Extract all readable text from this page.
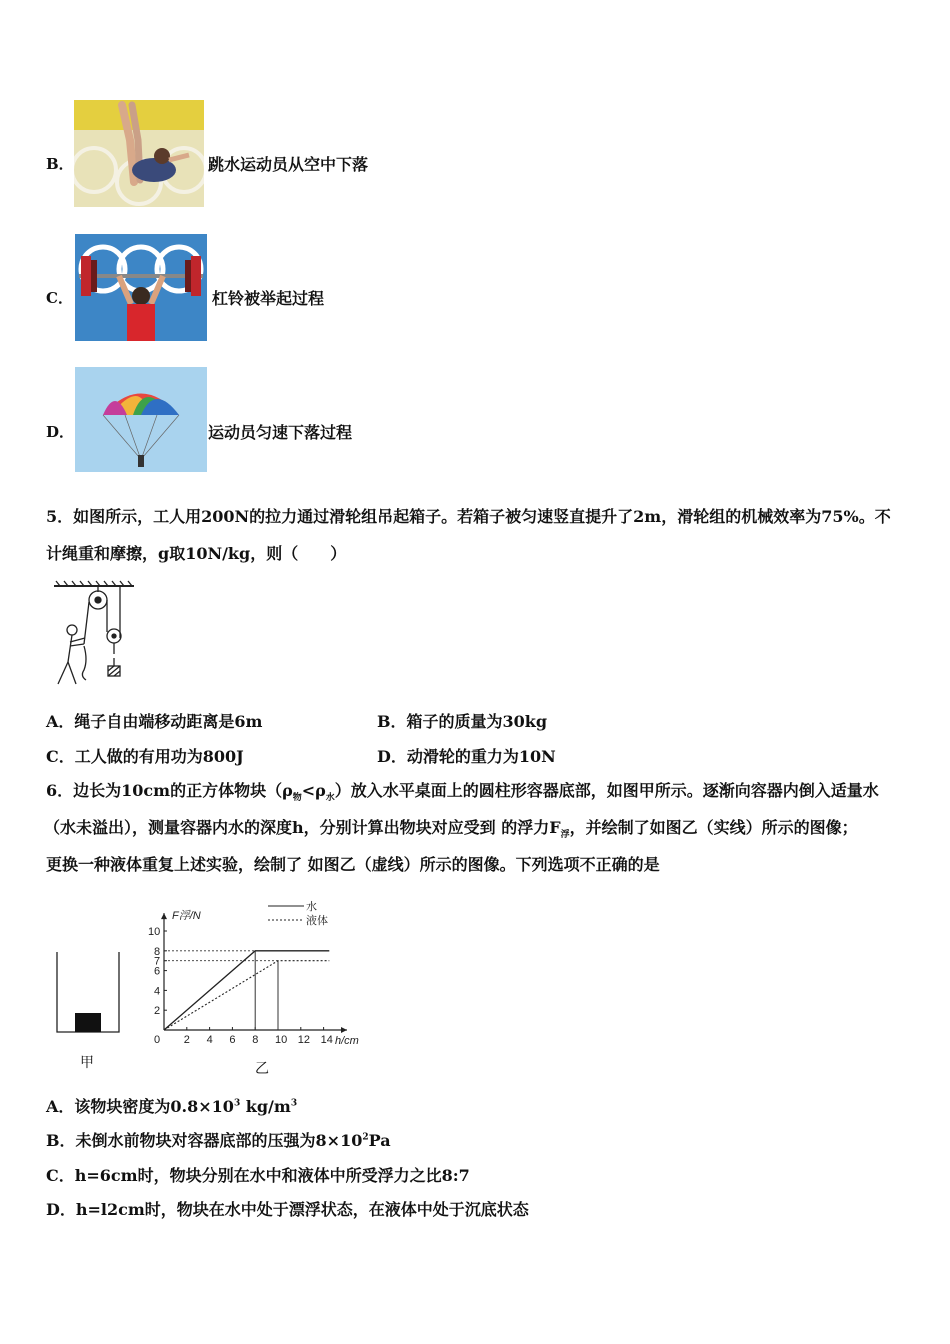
B．	跳水运动员从空中下落
C．	杠铃被举起过程
D．	运动员匀速下落过程
5．如图所示，工人用200N的拉力通过滑轮组吊起箱子。若箱子被匀速竖直提升了2m，滑轮组的机械效率为75%。不
计绳重和摩擦，g取10N/kg，则（　　）
A．绳子自由端移动距离是6m	B．箱子的质量为30kg
C．工人做的有用功为800J	D．动滑轮的重力为10N
6．边长为10cm的正方体物块$(\rho_物<\rho_水)$放入水平桌面上的圆柱形容器底部，如图甲所示。逐渐向容器内倒入适量水
（水未溢出），测量容器内水的深度h，分别计算出物块对应受到 的浮力$F_浮$，并绘制了如图乙（实线）所示的图像；
更换一种液体重复上述实验，绘制了 如图乙（虚线）所示的图像。下列选项不正确的是
甲
F浮/N
h/cm
0 2 4 6 8 10 12 14
2
4
6
7
8
10
水
液体
乙
A．该物块密度为$0.8\times 10^3$ $kg/m^3$
B．未倒水前物块对容器底部的压强为$8\times 10^2Pa$
C．h=6cm时，物块分别在水中和液体中所受浮力之比8:7
D．h=l2cm时，物块在水中处于漂浮状态，在液体中处于沉底状态
